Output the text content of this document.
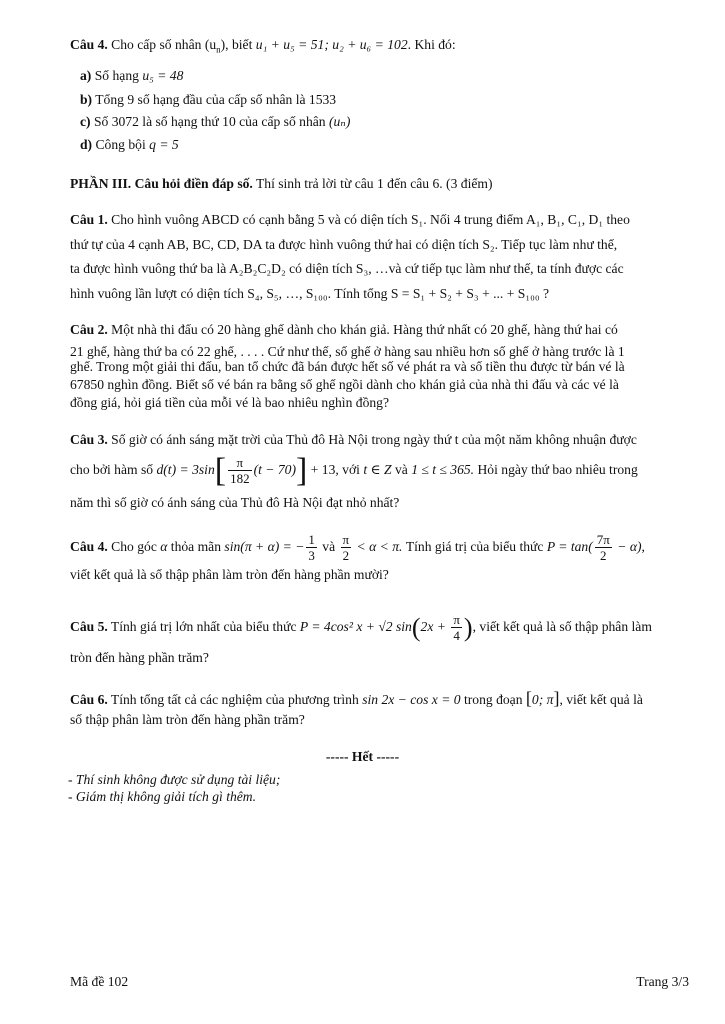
Câu 4. Cho cấp số nhân $(u_n)$, biết u₁ + u₅ = 51; u₂ + u₆ = 102. Khi đó:
a) Số hạng u₅ = 48
b) Tổng 9 số hạng đầu của cấp số nhân là 1533
c) Số 3072 là số hạng thứ 10 của cấp số nhân (uₙ)
d) Công bội q = 5
PHẦN III. Câu hỏi điền đáp số. Thí sinh trả lời từ câu 1 đến câu 6. (3 điểm)
Câu 1. Cho hình vuông ABCD có cạnh bằng 5 và có diện tích S₁. Nối 4 trung điểm A₁, B₁, C₁, D₁ theo
thứ tự của 4 cạnh AB, BC, CD, DA ta được hình vuông thứ hai có diện tích S₂. Tiếp tục làm như thế,
ta được hình vuông thứ ba là A₂B₂C₂D₂ có diện tích S₃, …và cứ tiếp tục làm như thế, ta tính được các
hình vuông lần lượt có diện tích S₄, S₅, …, S₁₀₀. Tính tổng S = S₁ + S₂ + S₃ + ... + S₁₀₀ ?
Câu 2. Một nhà thi đấu có 20 hàng ghế dành cho khán giả. Hàng thứ nhất có 20 ghế, hàng thứ hai có
21 ghế, hàng thứ ba có 22 ghế, . . . . Cứ như thế, số ghế ở hàng sau nhiều hơn số ghế ở hàng trước là 1
ghế. Trong một giải thi đấu, ban tổ chức đã bán được hết số vé phát ra và số tiền thu được từ bán vé là
67850 nghìn đồng. Biết số vé bán ra bằng số ghế ngồi dành cho khán giả của nhà thi đấu và các vé là
đồng giá, hỏi giá tiền của mỗi vé là bao nhiêu nghìn đồng?
Câu 3. Số giờ có ánh sáng mặt trời của Thủ đô Hà Nội trong ngày thứ t của một năm không nhuận được
cho bởi hàm số $d(t) = 3\sin[ \frac{\pi}{182} (t - 70)] + 13$, với t ∈ Z và 1 ≤ t ≤ 365. Hỏi ngày thứ bao nhiêu trong
năm thì số giờ có ánh sáng của Thủ đô Hà Nội đạt nhỏ nhất?
Câu 4. Cho góc α thỏa mãn sin(π + α) = − $\frac{1}{3}$ và $\frac{\pi}{2} < \alpha < \pi$. Tính giá trị của biểu thức $P = \tan( \frac{7\pi}{2} - \alpha)$,
viết kết quả là số thập phân làm tròn đến hàng phần mười?
Câu 5. Tính giá trị lớn nhất của biểu thức P = 4cos² x + √2 $\sin(2x + \frac{\pi}{4}$ ), viết kết quả là số thập phân làm
tròn đến hàng phần trăm?
Câu 6. Tính tổng tất cả các nghiệm của phương trình sin 2x − cos x = 0 trong đoạn [0; π], viết kết quả là
số thập phân làm tròn đến hàng phần trăm?
----- Hết -----
- Thí sinh không được sử dụng tài liệu;
- Giám thị không giải tích gì thêm.
Mã đề 102	Trang 3/3
